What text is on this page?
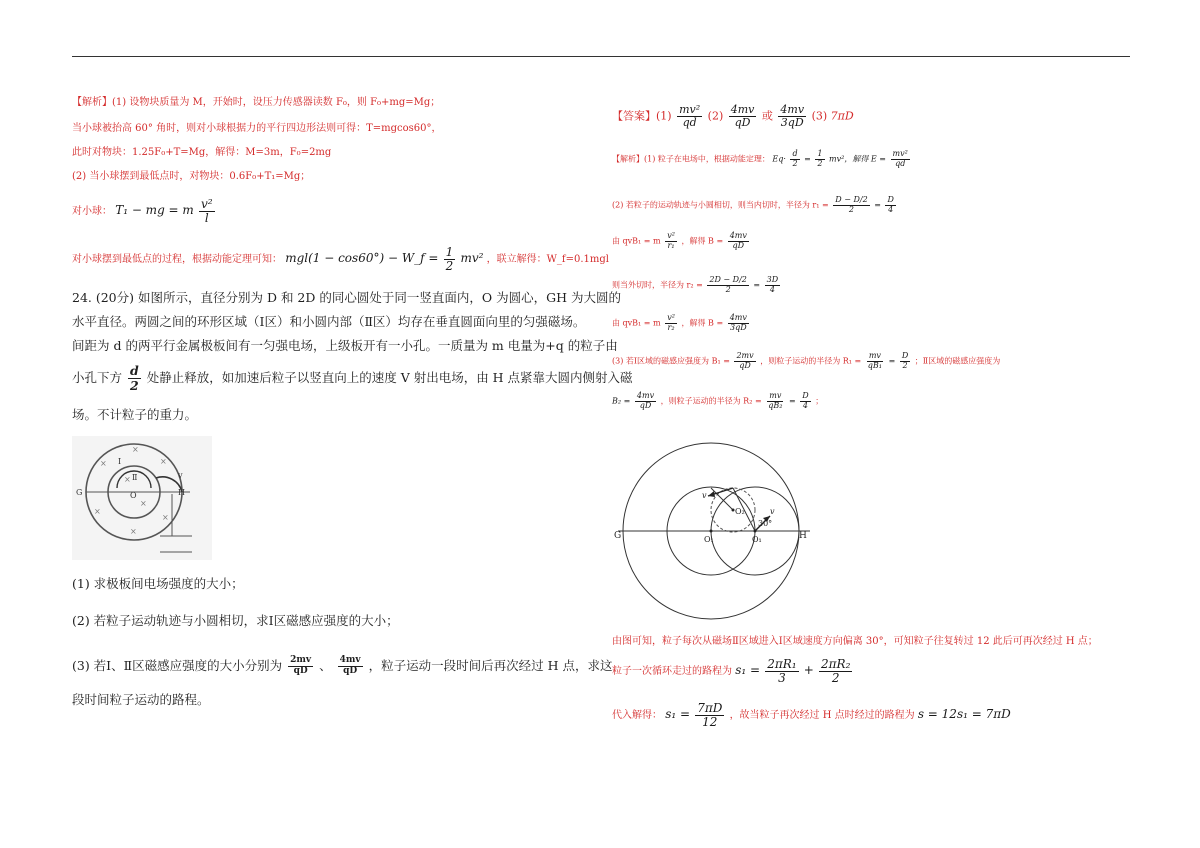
【解析】(1) 设物块质量为 M，开始时，设压力传感器读数 F₀，则 F₀+mg=Mg；
当小球被抬高 60° 角时，则对小球根据力的平行四边形法则可得：T=mgcos60°，
此时对物块：1.25F₀+T=Mg，解得：M=3m，F₀=2mg
(2) 当小球摆到最低点时，对物块：0.6F₀+T₁=Mg；
对小球： T₁ − mg = m $\frac{\text{v²}}{l}$
对小球摆到最低点的过程，根据动能定理可知： mgl(1 − cos60°) − W_f = $\frac{1}{2} mv^2$ ，联立解得：W_f=0.1mgl
24. (20分) 如图所示，直径分别为 D 和 2D 的同心圆处于同一竖直面内，O 为圆心，GH 为大圆的
水平直径。两圆之间的环形区域（Ⅰ区）和小圆内部（Ⅱ区）均存在垂直圆面向里的匀强磁场。
间距为 d 的两平行金属极板间有一匀强电场，上级板开有一小孔。一质量为 m 电量为+q 的粒子由
小孔下方 $\frac{d}{2}$ 处静止释放，如加速后粒子以竖直向上的速度 V 射出电场，由 H 点紧靠大圆内侧射入磁
场。不计粒子的重力。
×
×
×
×
×
×
×
×
G	H
O
Ⅰ
Ⅱ	v
(1) 求极板间电场强度的大小；
(2) 若粒子运动轨迹与小圆相切，求Ⅰ区磁感应强度的大小；
(3) 若Ⅰ、Ⅱ区磁感应强度的大小分别为 $\frac{2mv}{qD}$ 、 $\frac{4mv}{qD}$ ，粒子运动一段时间后再次经过 H 点，求这
段时间粒子运动的路程。
【答案】$(1) \frac{\text{mv²}}{qd} (2) \frac{4mv}{qD}$ 或 $\frac{4mv}{3qD} (3)$ 7πD
【解析】(1) 粒子在电场中，根据动能定理： $Eq\cdot \frac{d}{2} = \frac{1}{2} mv^2$，解得 $E = \frac{\text{mv²}}{qd}$
(2) 若粒子的运动轨迹与小圆相切，则当内切时，半径为 $r_1 = \frac{D - D/2}{2} = \frac{D}{4}$
由 qvB₁ = m $\frac{\text{v²}}{\text{r₁}}$ ，解得 $B = \frac{4mv}{qD}$
则当外切时，半径为 $r_2 = \frac{2D - D/2}{2} = \frac{3D}{4}$
由 qvB₁ = m $\frac{\text{v²}}{\text{r₂}}$ ，解得 $B = \frac{4mv}{3qD}$
(3) 若Ⅰ区域的磁感应强度为 $B_1 = \frac{2mv}{qD}$ ，则粒子运动的半径为 $R_1 = \frac{mv}{\text{qB₁}} = \frac{D}{2}$ ；Ⅱ区域的磁感应强度为
$B_2 = \frac{4mv}{qD}$ ，则粒子运动的半径为 $R_2 = \frac{mv}{\text{qB₂}} = \frac{D}{4}$ ；
G	H
O₁	O₁
O₂
v
v
30°
由图可知，粒子每次从磁场Ⅱ区域进入Ⅰ区域速度方向偏离 30°，可知粒子往复转过 12 此后可再次经过 H 点；
粒子一次循环走过的路程为 $s_1 = \frac{\text{2πR₁}}{3} + \frac{\text{2πR₂}}{2}$
代入解得： $s_1 = \frac{7\pi D}{12}$ ，故当粒子再次经过 H 点时经过的路程为 s = 12s₁ = 7πD
